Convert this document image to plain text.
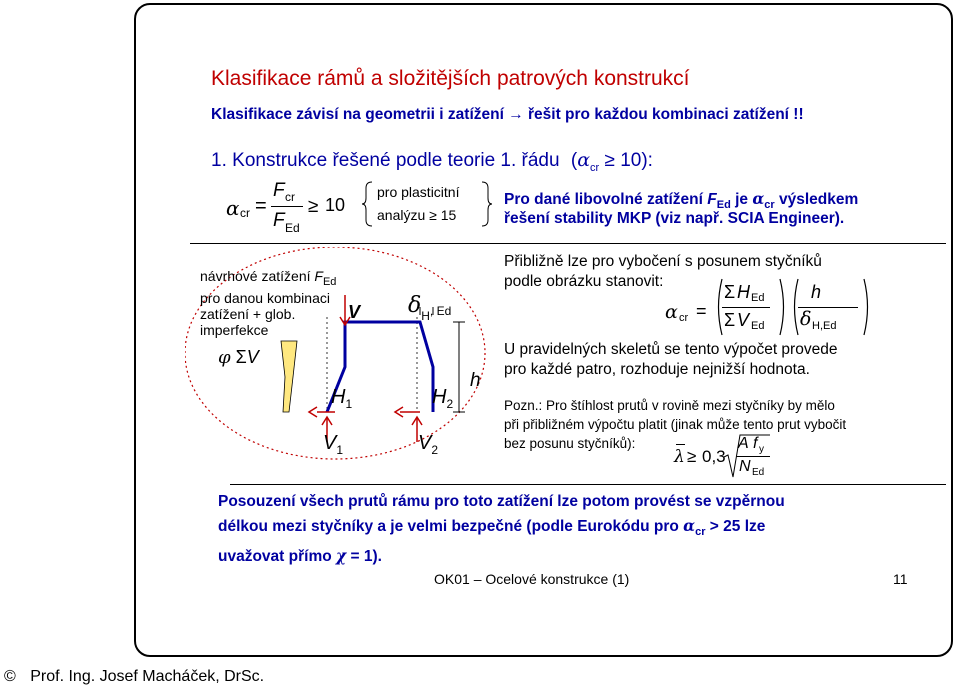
Klasifikace rámů a složitějších patrových konstrukcí
Klasifikace závisí na geometrii i zatížení → řešit pro každou kombinaci zatížení !!
1. Konstrukce řešené podle teorie 1. řádu $(\alpha_{cr} \ge 10)$:
α cr =
F cr
F Ed
≥ 10
pro plasticitní
analýzu ≥ 15
Pro dané libovolné zatížení $F_{Ed}$ je $\alpha_{cr}$ výsledkem
řešení stability MKP (viz např. SCIA Engineer).
návrhové zatížení $F_{Ed}$
pro danou kombinaci
zatížení + glob.
imperfekce
φ ΣV
V $\delta_H$, Ed
$H_1$	$H_2$
h
$V_1$	$V_2$
Přibližně lze pro vybočení s posunem styčníků
podle obrázku stanovit:
α cr =
Σ H Ed
Σ V Ed
h
δ H,Ed
U pravidelných skeletů se tento výpočet provede
pro každé patro, rozhoduje nejnižší hodnota.
Pozn.: Pro štíhlost prutů v rovině mezi styčníky by mělo
při přibližném výpočtu platit (jinak může tento prut vybočit
bez posunu styčníků):
λ ≥ 0,3
A f y
N Ed
Posouzení všech prutů rámu pro toto zatížení lze potom provést se vzpěrnou
délkou mezi styčníky a je velmi bezpečné (podle Eurokódu pro $\alpha_{cr} > 25$ lze
uvažovat přímo χ = 1).
OK01 – Ocelové konstrukce (1)	11
© Prof. Ing. Josef Macháček, DrSc.
